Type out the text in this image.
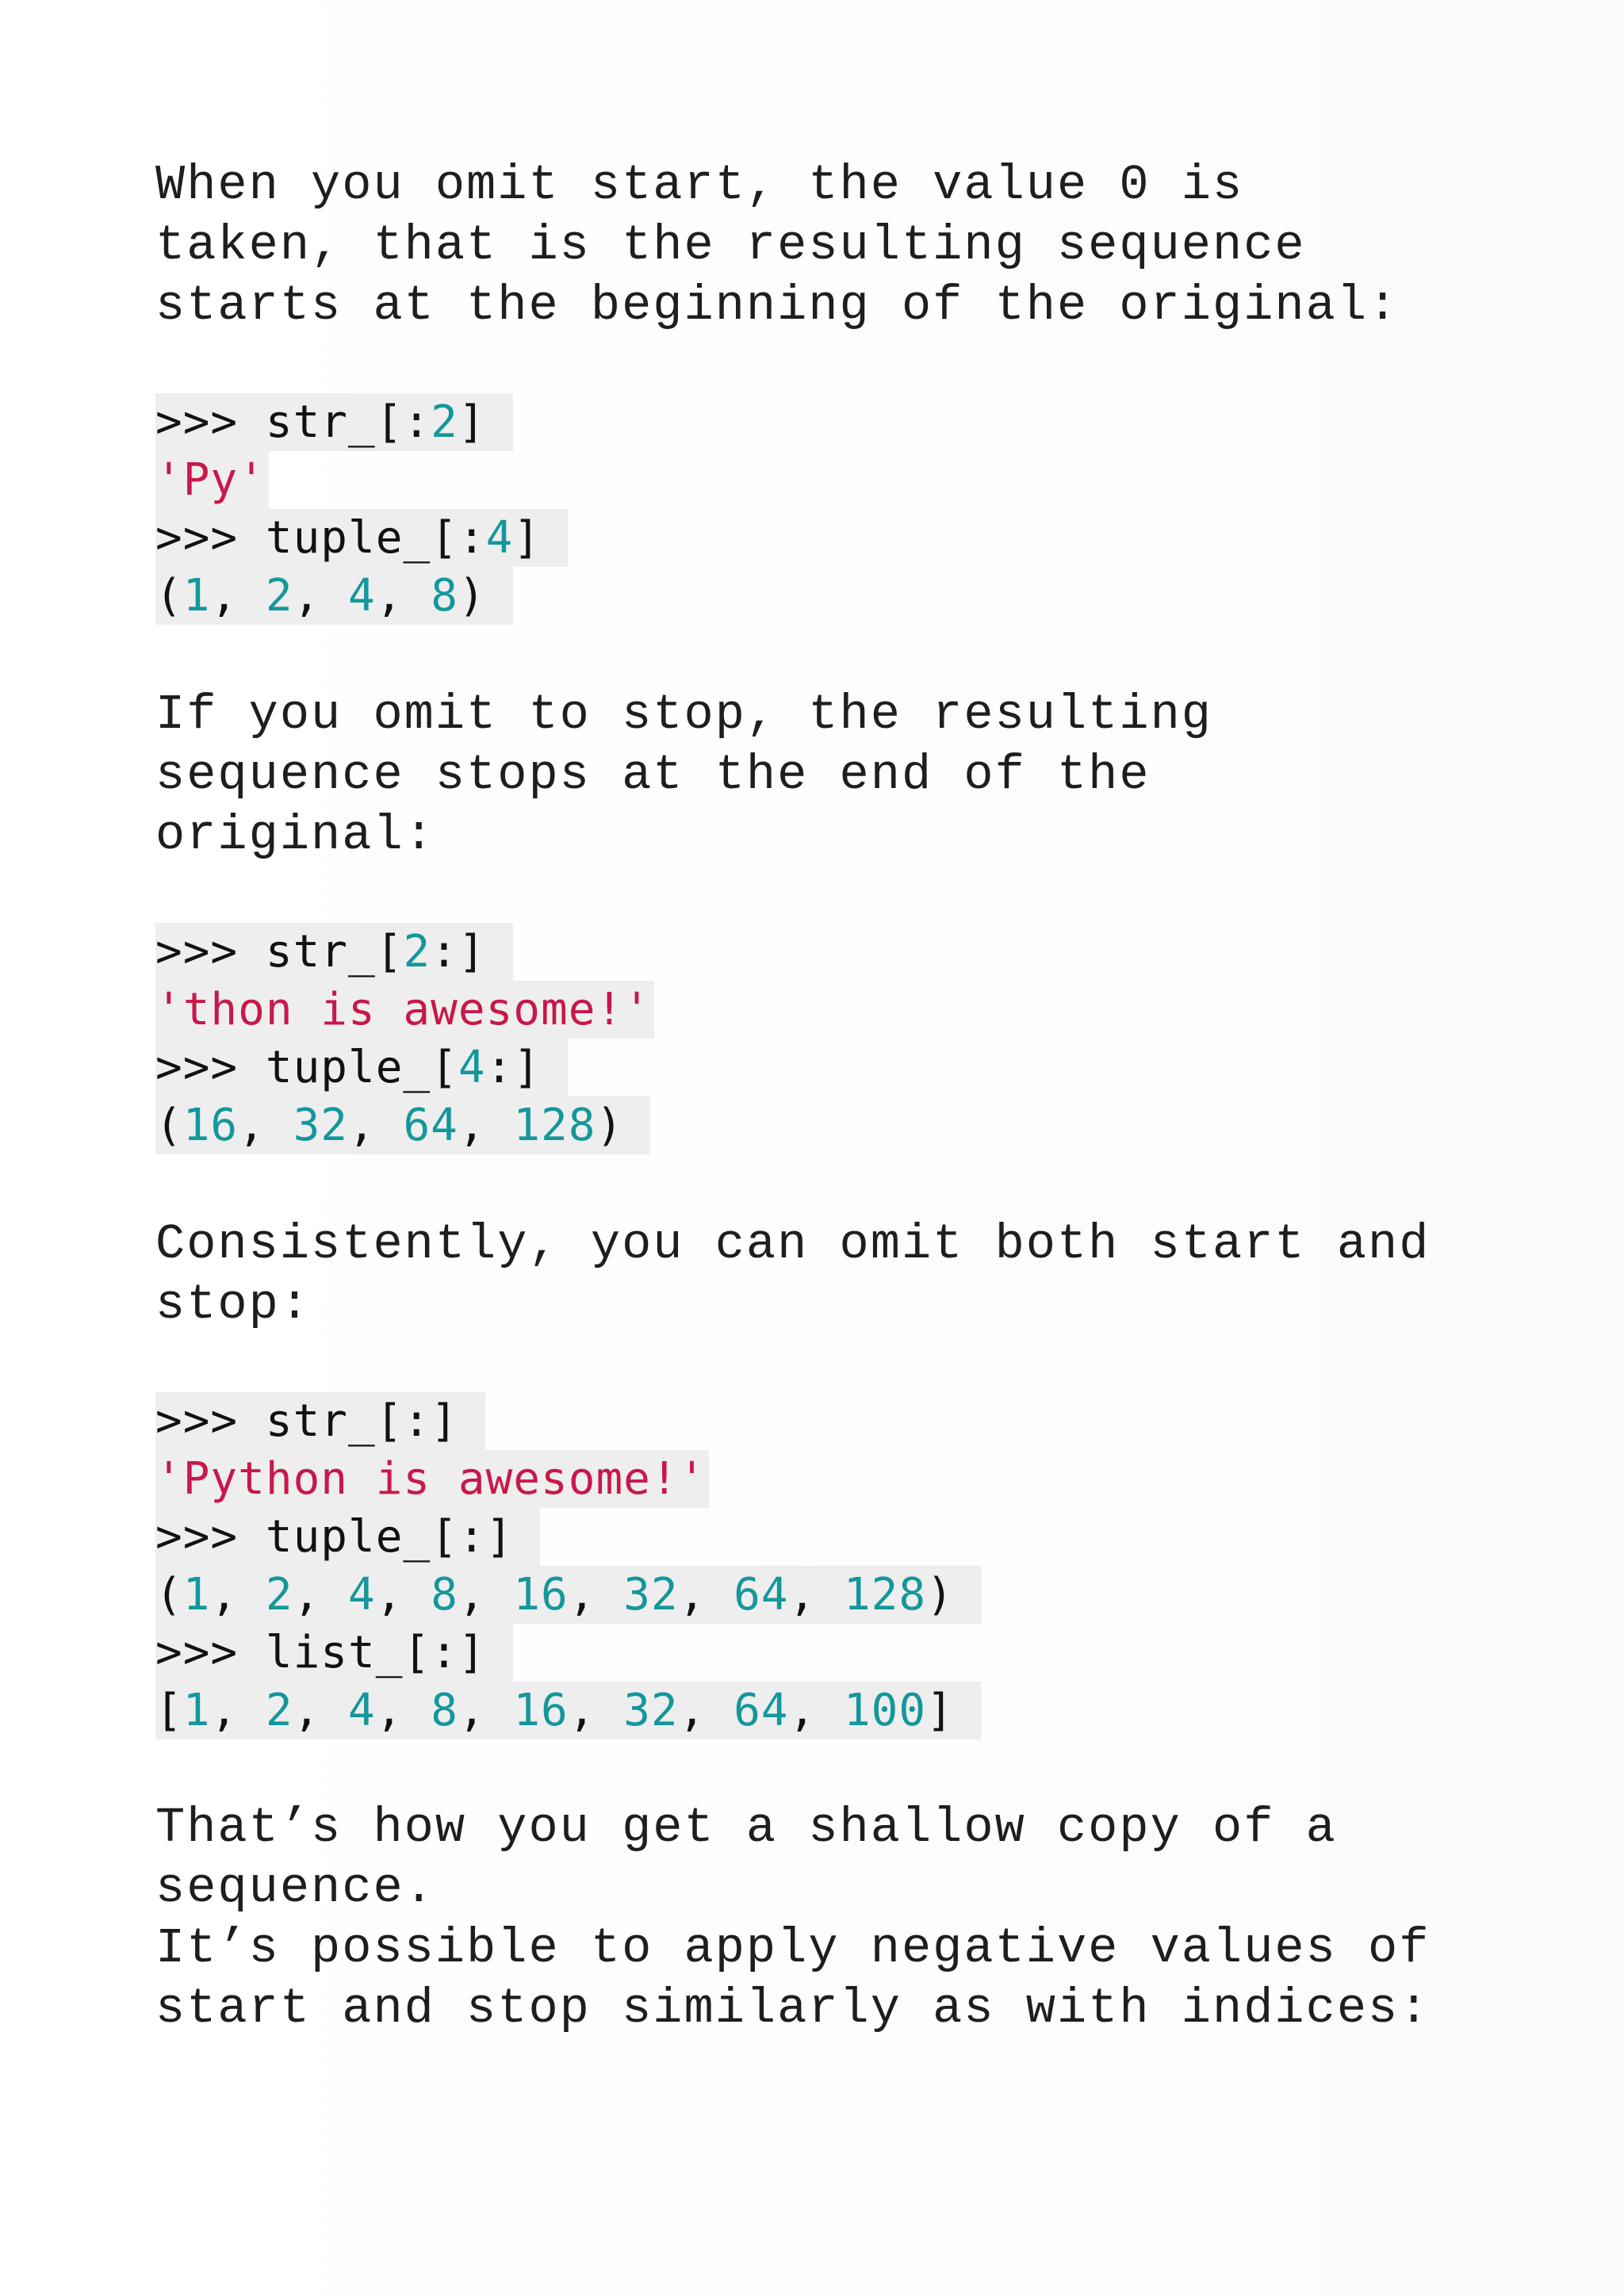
When you omit start, the value 0 is
taken, that is the resulting sequence
starts at the beginning of the original:
>>> str_[:2]
'Py'
>>> tuple_[:4]
(1, 2, 4, 8)
If you omit to stop, the resulting
sequence stops at the end of the
original:
>>> str_[2:]
'thon is awesome!'
>>> tuple_[4:]
(16, 32, 64, 128)
Consistently, you can omit both start and
stop:
>>> str_[:]
'Python is awesome!'
>>> tuple_[:]
(1, 2, 4, 8, 16, 32, 64, 128)
>>> list_[:]
[1, 2, 4, 8, 16, 32, 64, 100]
That’s how you get a shallow copy of a
sequence.
It’s possible to apply negative values of
start and stop similarly as with indices:
